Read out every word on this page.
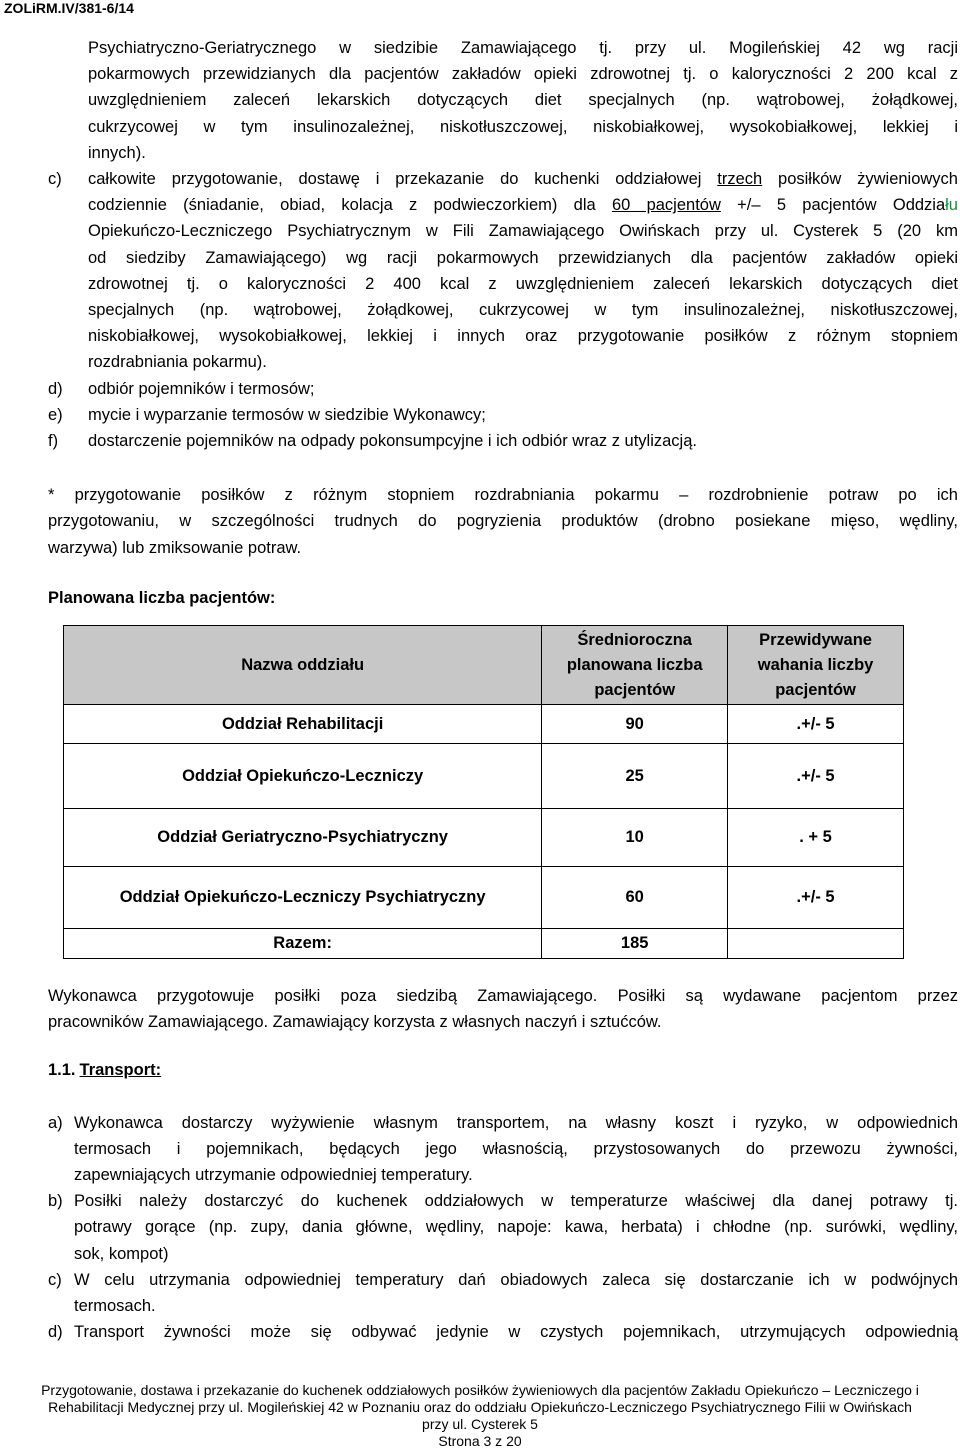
ZOLiRM.IV/381-6/14
Psychiatryczno-Geriatrycznego w siedzibie Zamawiającego tj. przy ul. Mogileńskiej 42 wg racji
pokarmowych przewidzianych dla pacjentów zakładów opieki zdrowotnej tj. o kaloryczności 2 200 kcal z
uwzględnieniem zaleceń lekarskich dotyczących diet specjalnych (np. wątrobowej, żołądkowej,
cukrzycowej w tym insulinozależnej, niskotłuszczowej, niskobiałkowej, wysokobiałkowej, lekkiej i
innych).
c) całkowite przygotowanie, dostawę i przekazanie do kuchenki oddziałowej trzech posiłków żywieniowych
codziennie (śniadanie, obiad, kolacja z podwieczorkiem) dla 60 pacjentów +/– 5 pacjentów Oddziału
Opiekuńczo-Leczniczego Psychiatrycznym w Fili Zamawiającego Owińskach przy ul. Cysterek 5 (20 km
od siedziby Zamawiającego) wg racji pokarmowych przewidzianych dla pacjentów zakładów opieki
zdrowotnej tj. o kaloryczności 2 400 kcal z uwzględnieniem zaleceń lekarskich dotyczących diet
specjalnych (np. wątrobowej, żołądkowej, cukrzycowej w tym insulinozależnej, niskotłuszczowej,
niskobiałkowej, wysokobiałkowej, lekkiej i innych oraz przygotowanie posiłków z różnym stopniem
rozdrabniania pokarmu).
d) odbiór pojemników i termosów;
e) mycie i wyparzanie termosów w siedzibie Wykonawcy;
f) dostarczenie pojemników na odpady pokonsumpcyjne i ich odbiór wraz z utylizacją.
* przygotowanie posiłków z różnym stopniem rozdrabniania pokarmu – rozdrobnienie potraw po ich
przygotowaniu, w szczególności trudnych do pogryzienia produktów (drobno posiekane mięso, wędliny,
warzywa) lub zmiksowanie potraw.
Planowana liczba pacjentów:
Nazwa oddziału	Średnioroczna planowana liczba pacjentów	Przewidywane wahania liczby pacjentów
Oddział Rehabilitacji	90	.+/- 5
Oddział Opiekuńczo-Leczniczy	25	.+/- 5
Oddział Geriatryczno-Psychiatryczny	10	. + 5
Oddział Opiekuńczo-Leczniczy Psychiatryczny	60	.+/- 5
Razem:	185	
Wykonawca przygotowuje posiłki poza siedzibą Zamawiającego. Posiłki są wydawane pacjentom przez
pracowników Zamawiającego. Zamawiający korzysta z własnych naczyń i sztućców.
1.1. Transport:
a) Wykonawca dostarczy wyżywienie własnym transportem, na własny koszt i ryzyko, w odpowiednich
termosach i pojemnikach, będących jego własnością, przystosowanych do przewozu żywności,
zapewniających utrzymanie odpowiedniej temperatury.
b) Posiłki należy dostarczyć do kuchenek oddziałowych w temperaturze właściwej dla danej potrawy tj.
potrawy gorące (np. zupy, dania główne, wędliny, napoje: kawa, herbata) i chłodne (np. surówki, wędliny,
sok, kompot)
c) W celu utrzymania odpowiedniej temperatury dań obiadowych zaleca się dostarczanie ich w podwójnych
termosach.
d) Transport żywności może się odbywać jedynie w czystych pojemnikach, utrzymujących odpowiednią
Przygotowanie, dostawa i przekazanie do kuchenek oddziałowych posiłków żywieniowych dla pacjentów Zakładu Opiekuńczo – Leczniczego i
Rehabilitacji Medycznej przy ul. Mogileńskiej 42 w Poznaniu oraz do oddziału Opiekuńczo-Leczniczego Psychiatrycznego Filii w Owińskach
przy ul. Cysterek 5
Strona 3 z 20
